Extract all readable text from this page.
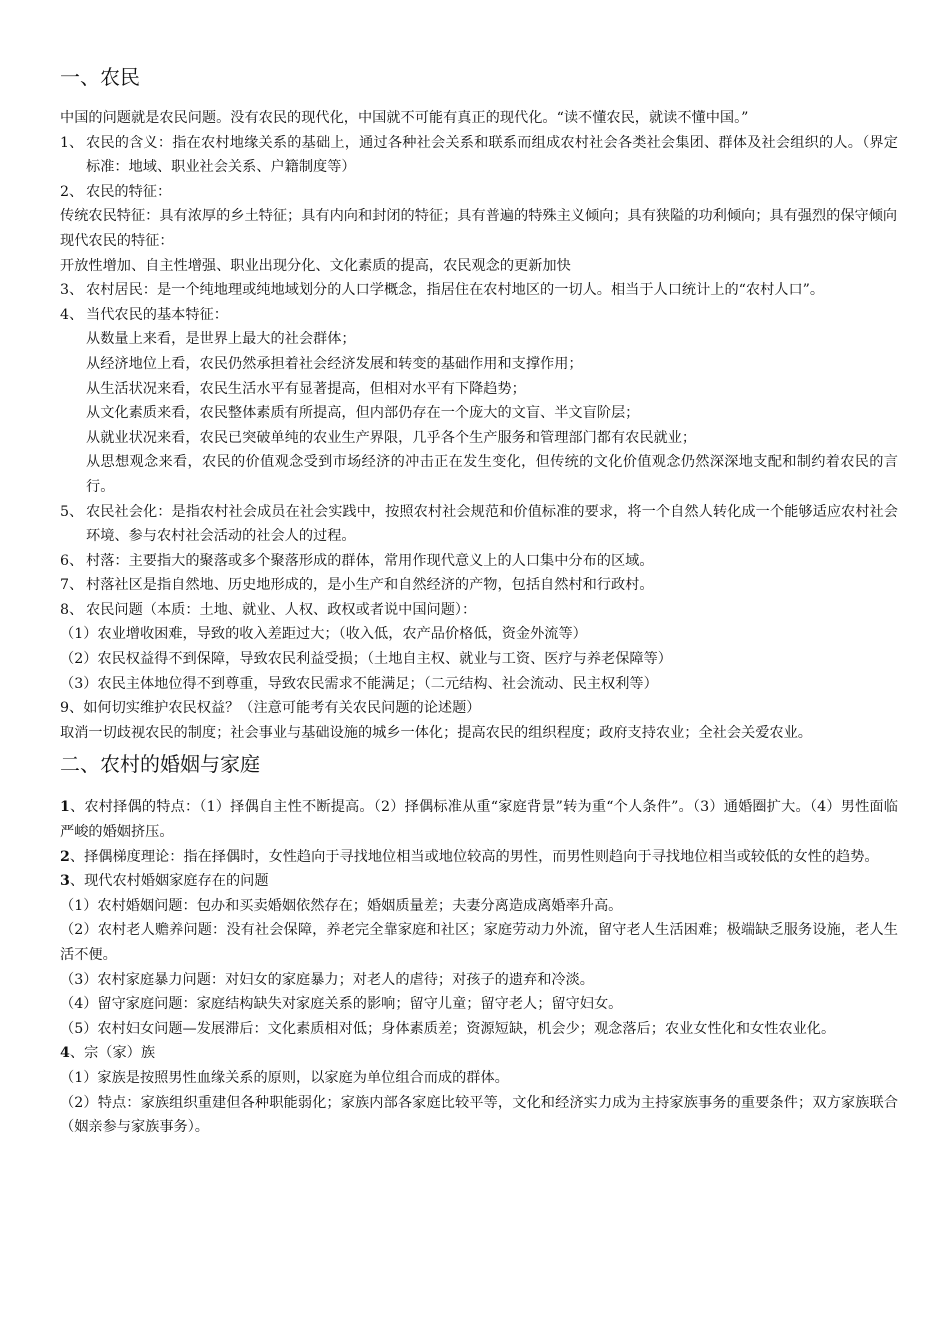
一、农民

中国的问题就是农民问题。没有农民的现代化，中国就不可能有真正的现代化。“读不懂农民，就读不懂中国。”

1、 农民的含义：指在农村地缘关系的基础上，通过各种社会关系和联系而组成农村社会各类社会集团、群体及社会组织的人。（界定标准：地域、职业社会关系、户籍制度等）
2、 农民的特征：

传统农民特征：具有浓厚的乡土特征；具有内向和封闭的特征；具有普遍的特殊主义倾向；具有狭隘的功利倾向；具有强烈的保守倾向

现代农民的特征：

开放性增加、自主性增强、职业出现分化、文化素质的提高，农民观念的更新加快

3、 农村居民：是一个纯地理或纯地域划分的人口学概念，指居住在农村地区的一切人。相当于人口统计上的“农村人口”。
4、 当代农民的基本特征：

从数量上来看，是世界上最大的社会群体；

从经济地位上看，农民仍然承担着社会经济发展和转变的基础作用和支撑作用；

从生活状况来看，农民生活水平有显著提高，但相对水平有下降趋势；

从文化素质来看，农民整体素质有所提高，但内部仍存在一个庞大的文盲、半文盲阶层；

从就业状况来看，农民已突破单纯的农业生产界限，几乎各个生产服务和管理部门都有农民就业；

从思想观念来看，农民的价值观念受到市场经济的冲击正在发生变化，但传统的文化价值观念仍然深深地支配和制约着农民的言行。

5、 农民社会化：是指农村社会成员在社会实践中，按照农村社会规范和价值标准的要求，将一个自然人转化成一个能够适应农村社会环境、参与农村社会活动的社会人的过程。
6、 村落：主要指大的聚落或多个聚落形成的群体，常用作现代意义上的人口集中分布的区域。
7、 村落社区是指自然地、历史地形成的，是小生产和自然经济的产物，包括自然村和行政村。
8、 农民问题（本质：土地、就业、人权、政权或者说中国问题）：

（1）农业增收困难，导致的收入差距过大；（收入低，农产品价格低，资金外流等）

（2）农民权益得不到保障，导致农民利益受损；（土地自主权、就业与工资、医疗与养老保障等）

（3）农民主体地位得不到尊重，导致农民需求不能满足；（二元结构、社会流动、民主权利等）

9、如何切实维护农民权益？（注意可能考有关农民问题的论述题）

取消一切歧视农民的制度；社会事业与基础设施的城乡一体化；提高农民的组织程度；政府支持农业；全社会关爱农业。

二、农村的婚姻与家庭

1、农村择偶的特点：（1）择偶自主性不断提高。（2）择偶标准从重“家庭背景”转为重“个人条件”。（3）通婚圈扩大。（4）男性面临严峻的婚姻挤压。

2、择偶梯度理论：指在择偶时，女性趋向于寻找地位相当或地位较高的男性，而男性则趋向于寻找地位相当或较低的女性的趋势。

3、现代农村婚姻家庭存在的问题

（1）农村婚姻问题：包办和买卖婚姻依然存在；婚姻质量差；夫妻分离造成离婚率升高。

（2）农村老人赡养问题：没有社会保障，养老完全靠家庭和社区；家庭劳动力外流，留守老人生活困难；极端缺乏服务设施，老人生活不便。

（3）农村家庭暴力问题：对妇女的家庭暴力；对老人的虐待；对孩子的遗弃和冷淡。

（4）留守家庭问题：家庭结构缺失对家庭关系的影响；留守儿童；留守老人；留守妇女。

（5）农村妇女问题—发展滞后：文化素质相对低；身体素质差；资源短缺，机会少；观念落后；农业女性化和女性农业化。

4、宗（家）族

（1）家族是按照男性血缘关系的原则，以家庭为单位组合而成的群体。

（2）特点：家族组织重建但各种职能弱化；家族内部各家庭比较平等，文化和经济实力成为主持家族事务的重要条件；双方家族联合（姻亲参与家族事务）。
